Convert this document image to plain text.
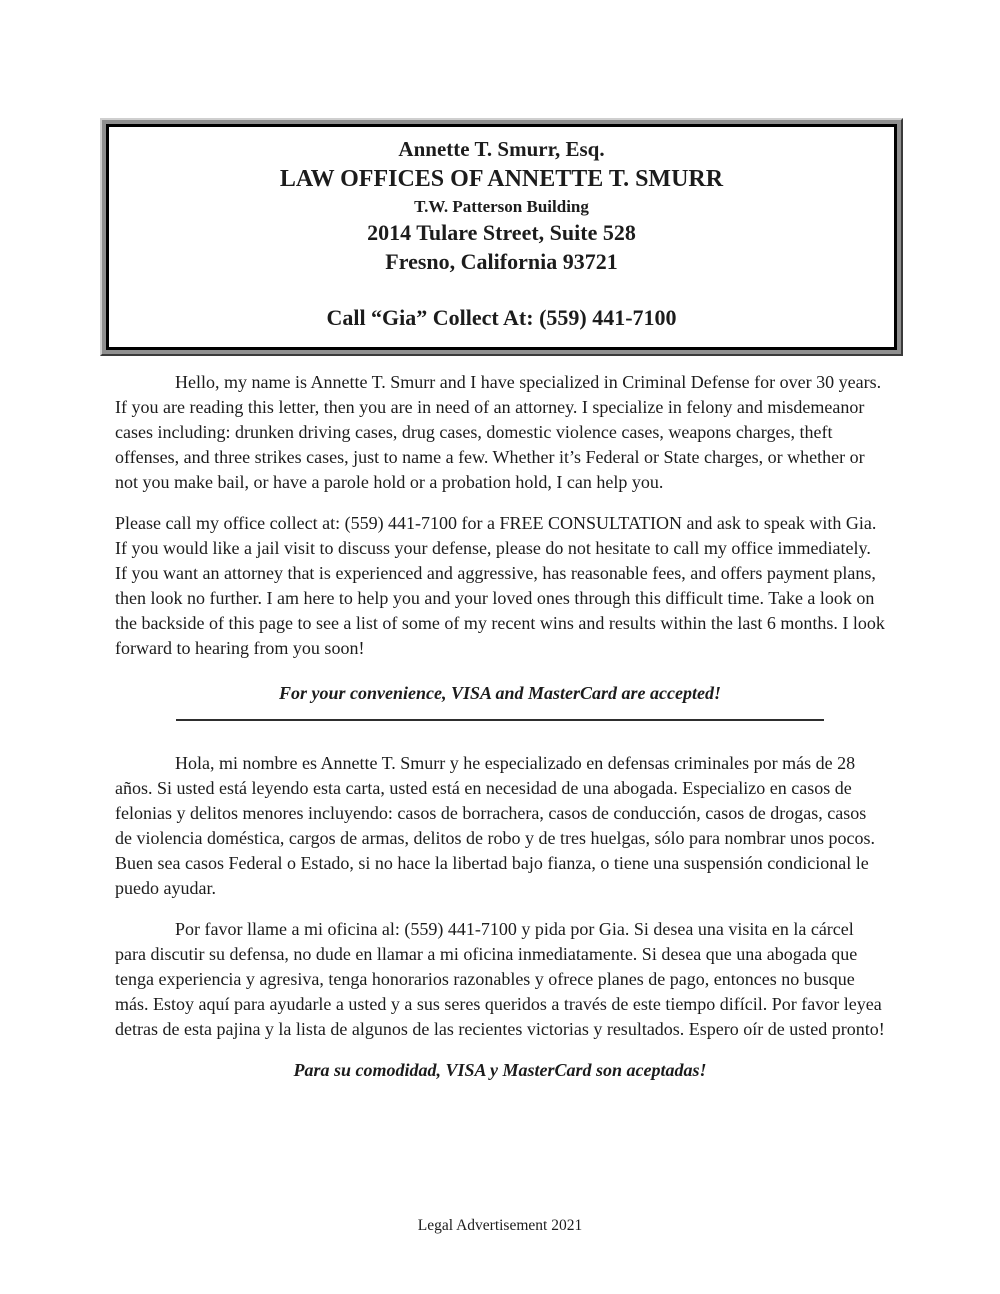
Annette T. Smurr, Esq.
LAW OFFICES OF ANNETTE T. SMURR
T.W. Patterson Building
2014 Tulare Street, Suite 528
Fresno, California 93721
Call “Gia” Collect At: (559) 441-7100

Hello, my name is Annette T. Smurr and I have specialized in Criminal Defense for over 30 years. If you are reading this letter, then you are in need of an attorney. I specialize in felony and misdemeanor cases including: drunken driving cases, drug cases, domestic violence cases, weapons charges, theft offenses, and three strikes cases, just to name a few. Whether it’s Federal or State charges, or whether or not you make bail, or have a parole hold or a probation hold, I can help you.

Please call my office collect at: (559) 441-7100 for a FREE CONSULTATION and ask to speak with Gia. If you would like a jail visit to discuss your defense, please do not hesitate to call my office immediately. If you want an attorney that is experienced and aggressive, has reasonable fees, and offers payment plans, then look no further. I am here to help you and your loved ones through this difficult time. Take a look on the backside of this page to see a list of some of my recent wins and results within the last 6 months. I look forward to hearing from you soon!

For your convenience, VISA and MasterCard are accepted!

Hola, mi nombre es Annette T. Smurr y he especializado en defensas criminales por más de 28 años. Si usted está leyendo esta carta, usted está en necesidad de una abogada. Especializo en casos de felonias y delitos menores incluyendo: casos de borrachera, casos de conducción, casos de drogas, casos de violencia doméstica, cargos de armas, delitos de robo y de tres huelgas, sólo para nombrar unos pocos. Buen sea casos Federal o Estado, si no hace la libertad bajo fianza, o tiene una suspensión condicional le puedo ayudar.

Por favor llame a mi oficina al: (559) 441-7100 y pida por Gia. Si desea una visita en la cárcel para discutir su defensa, no dude en llamar a mi oficina inmediatamente. Si desea que una abogada que tenga experiencia y agresiva, tenga honorarios razonables y ofrece planes de pago, entonces no busque más. Estoy aquí para ayudarle a usted y a sus seres queridos a través de este tiempo difícil. Por favor leyea detras de esta pajina y la lista de algunos de las recientes victorias y resultados. Espero oír de usted pronto!

Para su comodidad, VISA y MasterCard son aceptadas!
Legal Advertisement 2021
